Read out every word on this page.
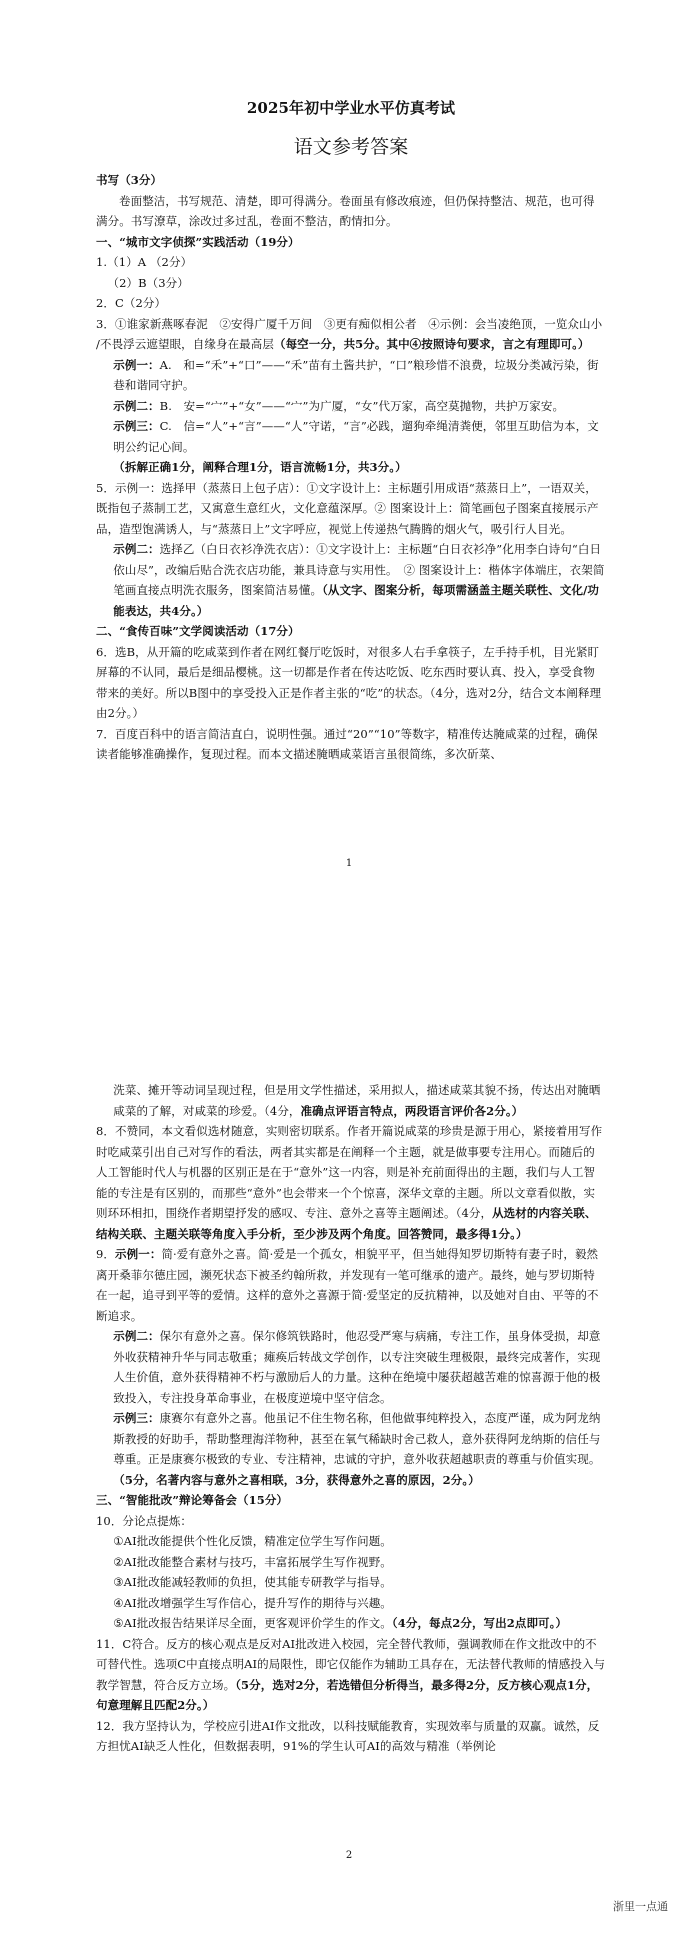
2025年初中学业水平仿真考试
语文参考答案

书写（3分）

卷面整洁，书写规范、清楚，即可得满分。卷面虽有修改痕迹，但仍保持整洁、规范，也可得满分。书写潦草，涂改过多过乱，卷面不整洁，酌情扣分。

一、“城市文字侦探”实践活动（19分）

1.（1）A （2分）

（2）B（3分）

2．C（2分）

3．①谁家新燕啄春泥　②安得广厦千万间　③更有痴似相公者　④示例：会当凌绝顶，一览众山小 /不畏浮云遮望眼，自缘身在最高层（每空一分，共5分。其中④按照诗句要求，言之有理即可。）

示例一：A.　和=“禾”+“口”——“禾”苗有土酱共护，“口”粮珍惜不浪费，垃圾分类减污染，街巷和谐同守护。

示例二：B.　安=“宀”+“女”——“宀”为广厦，“女”代万家，高空莫抛物，共护万家安。

示例三：C.　信=“人”+“言”——“人”守诺，“言”必践，遛狗牵绳清粪便，邻里互助信为本，文明公约记心间。

（拆解正确1分，阐释合理1分，语言流畅1分，共3分。）

5．示例一：选择甲（蒸蒸日上包子店）：①文字设计上：主标题引用成语“蒸蒸日上”，一语双关，既指包子蒸制工艺，又寓意生意红火，文化意蕴深厚。② 图案设计上：简笔画包子图案直接展示产品，造型饱满诱人，与“蒸蒸日上”文字呼应，视觉上传递热气腾腾的烟火气，吸引行人目光。

示例二：选择乙（白日衣衫净洗衣店）：①文字设计上：主标题“白日衣衫净”化用李白诗句“白日依山尽”，改编后贴合洗衣店功能，兼具诗意与实用性。　② 图案设计上：楷体字体端庄，衣架简笔画直接点明洗衣服务，图案简洁易懂。（从文字、图案分析，每项需涵盖主题关联性、文化/功能表达，共4分。）

二、“食传百味”文学阅读活动（17分）

6．选B，从开篇的吃咸菜到作者在网红餐厅吃饭时，对很多人右手拿筷子，左手持手机，目光紧盯屏幕的不认同，最后是细品樱桃。这一切都是作者在传达吃饭、吃东西时要认真、投入，享受食物带来的美好。所以B图中的享受投入正是作者主张的“吃”的状态。（4分，选对2分，结合文本阐释理由2分。）

7．百度百科中的语言简洁直白，说明性强。通过“20”“10”等数字，精准传达腌咸菜的过程，确保读者能够准确操作，复现过程。而本文描述腌晒咸菜语言虽很简练，多次斫菜、

1

洗菜、摊开等动词呈现过程，但是用文学性描述，采用拟人，描述咸菜其貌不扬，传达出对腌晒咸菜的了解，对咸菜的珍爱。（4分，准确点评语言特点，两段语言评价各2分。）

8．不赞同，本文看似选材随意，实则密切联系。作者开篇说咸菜的珍贵是源于用心，紧接着用写作时吃咸菜引出自己对写作的看法，两者其实都是在阐释一个主题，就是做事要专注用心。而随后的人工智能时代人与机器的区别正是在于“意外”这一内容，则是补充前面得出的主题，我们与人工智能的专注是有区别的，而那些“意外”也会带来一个个惊喜，深华文章的主题。所以文章看似散，实则环环相扣，围绕作者期望抒发的感叹、专注、意外之喜等主题阐述。（4分，从选材的内容关联、结构关联、主题关联等角度入手分析，至少涉及两个角度。回答赞同，最多得1分。）

9．示例一：简·爱有意外之喜。简·爱是一个孤女，相貌平平，但当她得知罗切斯特有妻子时，毅然离开桑菲尔德庄园，濒死状态下被圣约翰所救，并发现有一笔可继承的遗产。最终，她与罗切斯特在一起，追寻到平等的爱情。这样的意外之喜源于简·爱坚定的反抗精神，以及她对自由、平等的不断追求。

示例二：保尔有意外之喜。保尔修筑铁路时，他忍受严寒与病痛，专注工作，虽身体受损，却意外收获精神升华与同志敬重；瘫痪后转战文学创作，以专注突破生理极限，最终完成著作，实现人生价值，意外获得精神不朽与激励后人的力量。这种在绝境中屡获超越苦难的惊喜源于他的极致投入，专注投身革命事业，在极度逆境中坚守信念。

示例三：康赛尔有意外之喜。他虽记不住生物名称，但他做事纯粹投入，态度严谨，成为阿龙纳斯教授的好助手，帮助整理海洋物种，甚至在氧气稀缺时舍己救人，意外获得阿龙纳斯的信任与尊重。正是康赛尔极致的专业、专注精神，忠诚的守护，意外收获超越职责的尊重与价值实现。（5分，名著内容与意外之喜相联，3分，获得意外之喜的原因，2分。）

三、“智能批改”辩论筹备会（15分）

10．分论点提炼：

①AI批改能提供个性化反馈，精准定位学生写作问题。

②AI批改能整合素材与技巧，丰富拓展学生写作视野。

③AI批改能减轻教师的负担，使其能专研教学与指导。

④AI批改增强学生写作信心，提升写作的期待与兴趣。

⑤AI批改报告结果详尽全面，更客观评价学生的作文。（4分，每点2分，写出2点即可。）

11．C符合。反方的核心观点是反对AI批改进入校园，完全替代教师，强调教师在作文批改中的不可替代性。选项C中直接点明AI的局限性，即它仅能作为辅助工具存在，无法替代教师的情感投入与教学智慧，符合反方立场。（5分，选对2分，若选错但分析得当，最多得2分，反方核心观点1分，句意理解且匹配2分。）

12．我方坚持认为，学校应引进AI作文批改，以科技赋能教育，实现效率与质量的双赢。诚然，反方担忧AI缺乏人性化，但数据表明，91%的学生认可AI的高效与精准（举例论

2
浙里一点通
